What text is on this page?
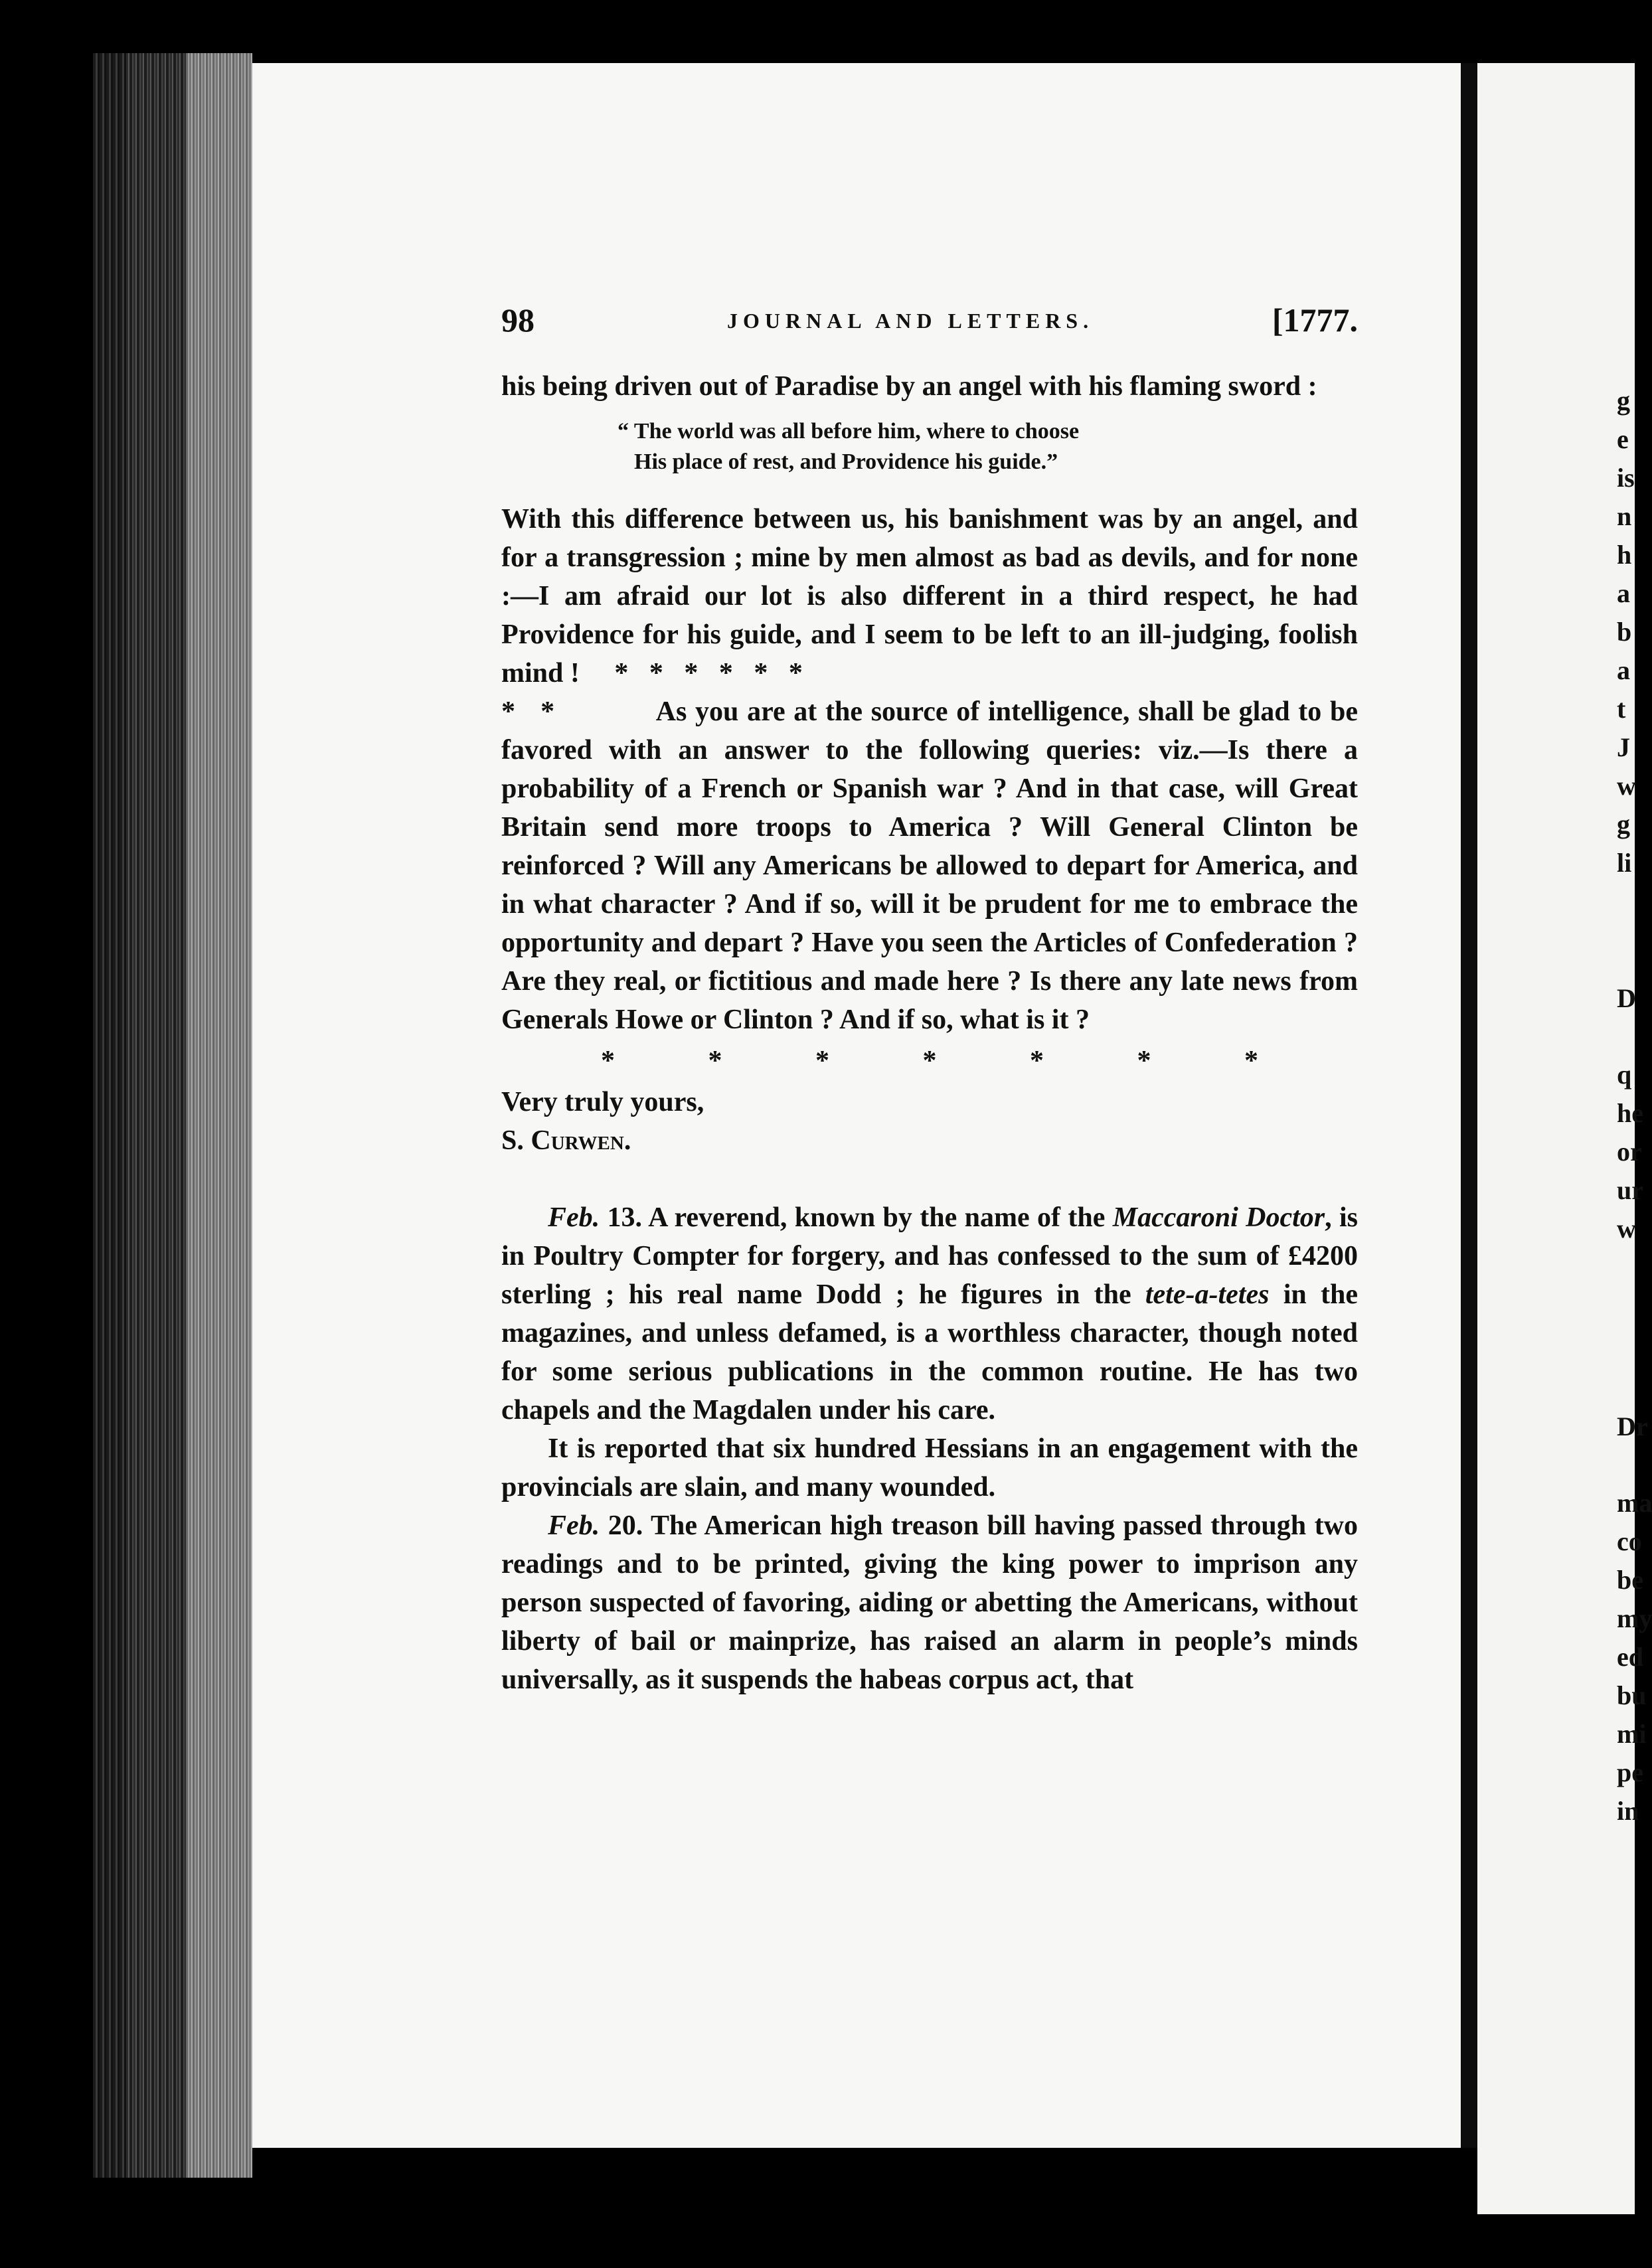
g
e
is
n
h
a
b
a
t
J
w
g
li
D
q
he
or
ur
w
Dr
ma
co
be
my
ed
bu
mi
pe
in
98	JOURNAL AND LETTERS.	[1777.

his being driven out of Paradise by an angel with his flaming sword :

“ The world was all before him, where to choose
His place of rest, and Providence his guide.”

With this difference between us, his banishment was by an angel, and for a transgression ; mine by men almost as bad as devils, and for none :—I am afraid our lot is also different in a third respect, he had Providence for his guide, and I seem to be left to an ill-judging, foolish mind ! *   *   *   *   *   *

*   *	As you are at the source of intelligence, shall be glad to be favored with an answer to the following queries: viz.—Is there a probability of a French or Spanish war ? And in that case, will Great Britain send more troops to America ? Will General Clinton be reinforced ? Will any Americans be allowed to depart for America, and in what character ? And if so, will it be prudent for me to embrace the opportunity and depart ? Have you seen the Articles of Confederation ? Are they real, or fictitious and made here ? Is there any late news from Generals Howe or Clinton ? And if so, what is it ?

*	*	*	*	*	*	*

Very truly yours,

S. Curwen.

Feb. 13. A reverend, known by the name of the Maccaroni Doctor, is in Poultry Compter for forgery, and has confessed to the sum of £4200 sterling ; his real name Dodd ; he figures in the tete-a-tetes in the magazines, and unless defamed, is a worthless character, though noted for some serious publications in the common routine. He has two chapels and the Magdalen under his care.

It is reported that six hundred Hessians in an engagement with the provincials are slain, and many wounded.

Feb. 20. The American high treason bill having passed through two readings and to be printed, giving the king power to imprison any person suspected of favoring, aiding or abetting the Americans, without liberty of bail or mainprize, has raised an alarm in people’s minds universally, as it suspends the habeas corpus act, that
